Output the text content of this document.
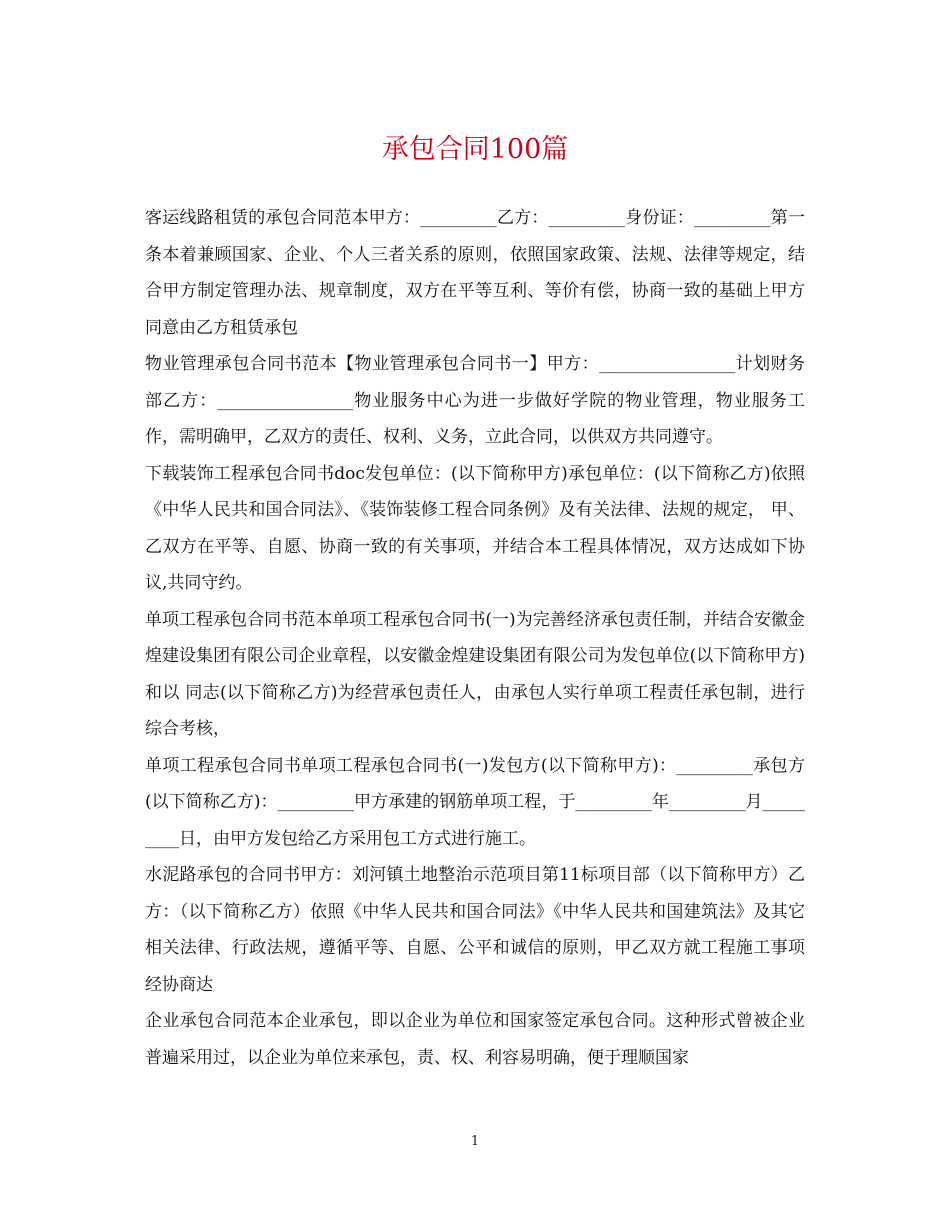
承包合同100篇

客运线路租赁的承包合同范本甲方：_________乙方：_________身份证：_________第一条本着兼顾国家、企业、个人三者关系的原则，依照国家政策、法规、法律等规定，结合甲方制定管理办法、规章制度，双方在平等互利、等价有偿，协商一致的基础上甲方同意由乙方租赁承包

物业管理承包合同书范本【物业管理承包合同书一】甲方：________________计划财务部乙方：________________物业服务中心为进一步做好学院的物业管理，物业服务工作，需明确甲，乙双方的责任、权利、义务，立此合同，以供双方共同遵守。

下载装饰工程承包合同书doc发包单位：(以下简称甲方)承包单位：(以下简称乙方)依照《中华人民共和国合同法》、《装饰装修工程合同条例》及有关法律、法规的规定， 甲、乙双方在平等、自愿、协商一致的有关事项，并结合本工程具体情况，双方达成如下协议,共同守约。

单项工程承包合同书范本单项工程承包合同书(一)为完善经济承包责任制，并结合安徽金煌建设集团有限公司企业章程，以安徽金煌建设集团有限公司为发包单位(以下简称甲方)和以 同志(以下简称乙方)为经营承包责任人，由承包人实行单项工程责任承包制，进行综合考核，

单项工程承包合同书单项工程承包合同书(一)发包方(以下简称甲方)：_________承包方(以下简称乙方)：_________甲方承建的钢筋单项工程，于_________年_________月_________日，由甲方发包给乙方采用包工方式进行施工。

水泥路承包的合同书甲方：刘河镇土地整治示范项目第11标项目部（以下简称甲方）乙方：（以下简称乙方）依照《中华人民共和国合同法》《中华人民共和国建筑法》及其它相关法律、行政法规，遵循平等、自愿、公平和诚信的原则，甲乙双方就工程施工事项经协商达

企业承包合同范本企业承包，即以企业为单位和国家签定承包合同。这种形式曾被企业普遍采用过，以企业为单位来承包，责、权、利容易明确，便于理顺国家

1
